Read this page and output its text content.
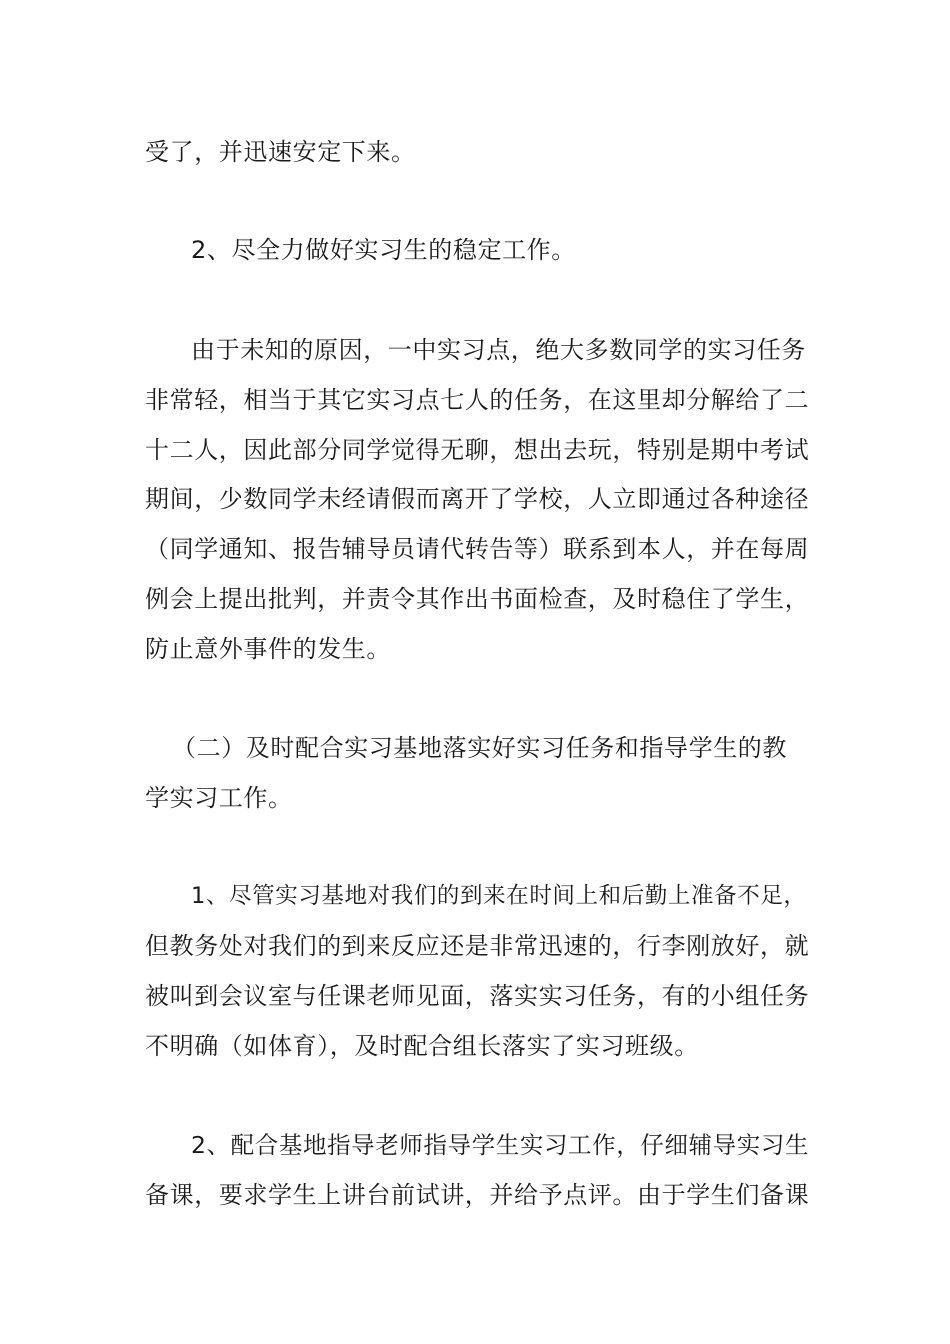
受了，并迅速安定下来。
2、尽全力做好实习生的稳定工作。
由于未知的原因，一中实习点，绝大多数同学的实习任务
非常轻，相当于其它实习点七人的任务，在这里却分解给了二
十二人，因此部分同学觉得无聊，想出去玩，特别是期中考试
期间，少数同学未经请假而离开了学校，人立即通过各种途径
（同学通知、报告辅导员请代转告等）联系到本人，并在每周
例会上提出批判，并责令其作出书面检查，及时稳住了学生，
防止意外事件的发生。
（二）及时配合实习基地落实好实习任务和指导学生的教
学实习工作。
1、尽管实习基地对我们的到来在时间上和后勤上准备不足，
但教务处对我们的到来反应还是非常迅速的，行李刚放好，就
被叫到会议室与任课老师见面，落实实习任务，有的小组任务
不明确（如体育），及时配合组长落实了实习班级。
2、配合基地指导老师指导学生实习工作，仔细辅导实习生
备课，要求学生上讲台前试讲，并给予点评。由于学生们备课
